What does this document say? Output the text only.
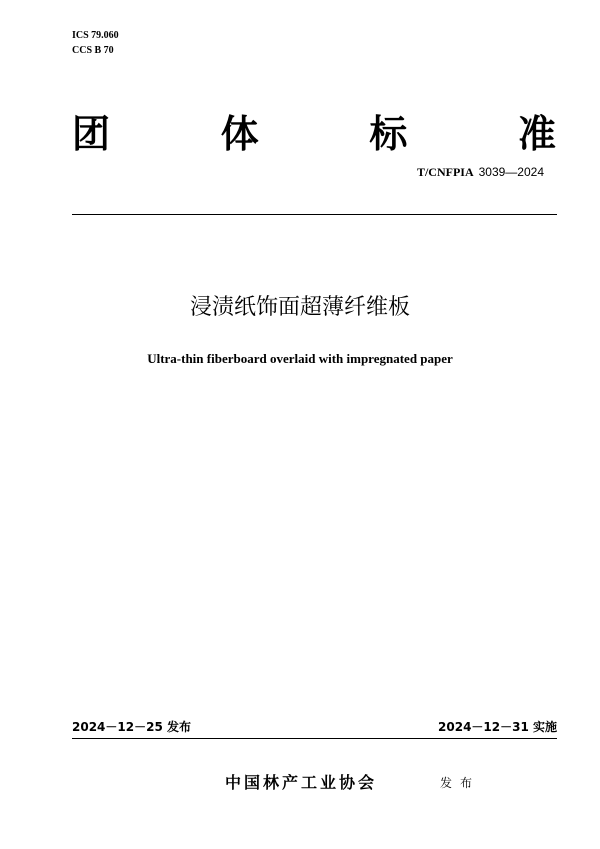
ICS 79.060
CCS B 70
团	体	标	准
T/CNFPIA 3039—2024
浸渍纸饰面超薄纤维板
Ultra-thin fiberboard overlaid with impregnated paper
2024－12－25 发布	2024－12－31 实施
中国林产工业协会	发布
